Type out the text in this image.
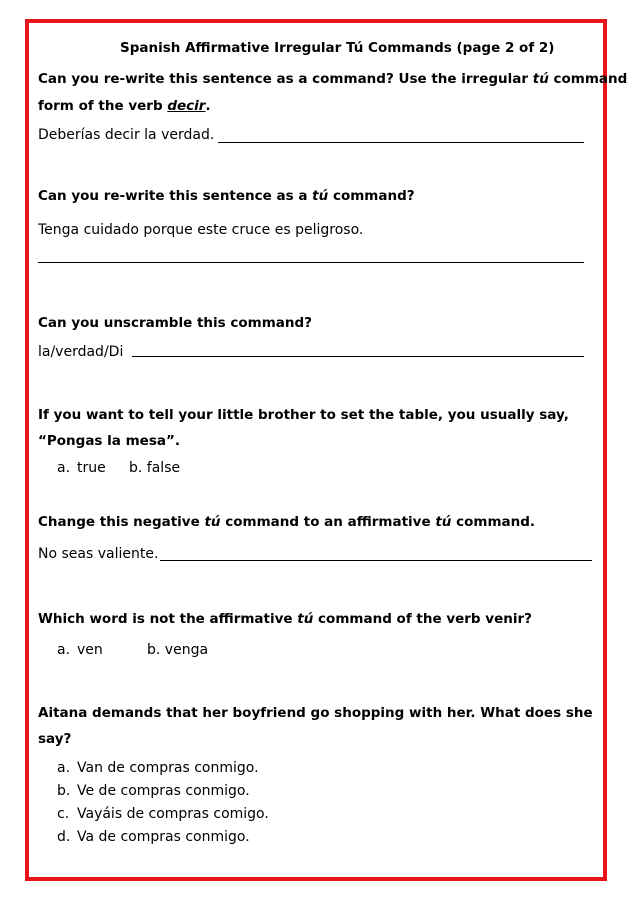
Spanish Affirmative Irregular Tú Commands (page 2 of 2)
Can you re-write this sentence as a command? Use the irregular tú command
form of the verb decir.
Deberías decir la verdad.
Can you re-write this sentence as a tú command?
Tenga cuidado porque este cruce es peligroso.
Can you unscramble this command?
la/verdad/Di
If you want to tell your little brother to set the table, you usually say,
“Pongas la mesa”.
a. true b. false
Change this negative tú command to an affirmative tú command.
No seas valiente.
Which word is not the affirmative tú command of the verb venir?
a. ven	b. venga
Aitana demands that her boyfriend go shopping with her. What does she
say?
a. Van de compras conmigo.
b. Ve de compras conmigo.
c. Vayáis de compras comigo.
d. Va de compras conmigo.
